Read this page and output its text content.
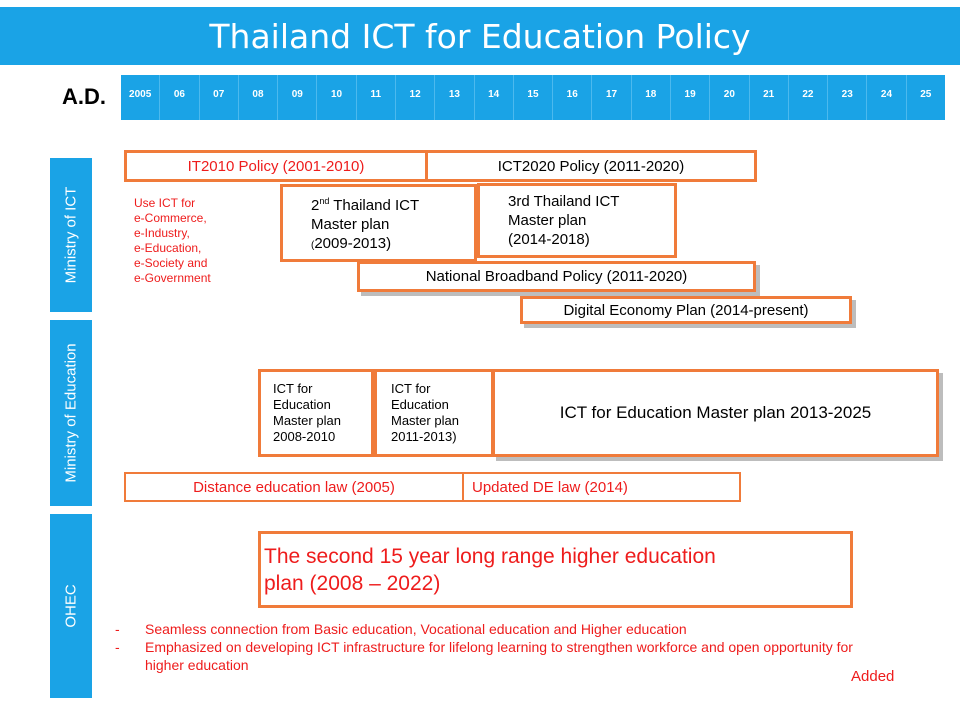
Thailand ICT for Education Policy
A.D.	2005	06	07	08	09	10	11	12	13	14	15	16	17	18	19	20	21	22	23	24	25
Ministry of ICT
Ministry of Education
OHEC
IT2010 Policy (2001-2010)	ICT2020 Policy (2011-2020)
Use ICT for
e-Commerce,
e-Industry,
e-Education,
e-Society and
e-Government
2nd Thailand ICT
Master plan
(2009-2013)
3rd Thailand ICT
Master plan
(2014-2018)
National Broadband Policy (2011-2020)
Digital Economy Plan (2014-present)
ICT for
Education
Master plan
2008-2010
ICT for
Education
Master plan
2011-2013)
ICT for Education Master plan 2013-2025
Distance education law (2005)	Updated DE law (2014)
The second 15 year long range higher education
plan (2008 – 2022)
-	Seamless connection from Basic education, Vocational education and Higher education
-	Emphasized on developing ICT infrastructure for lifelong learning to strengthen workforce and open opportunity for higher education
Added
